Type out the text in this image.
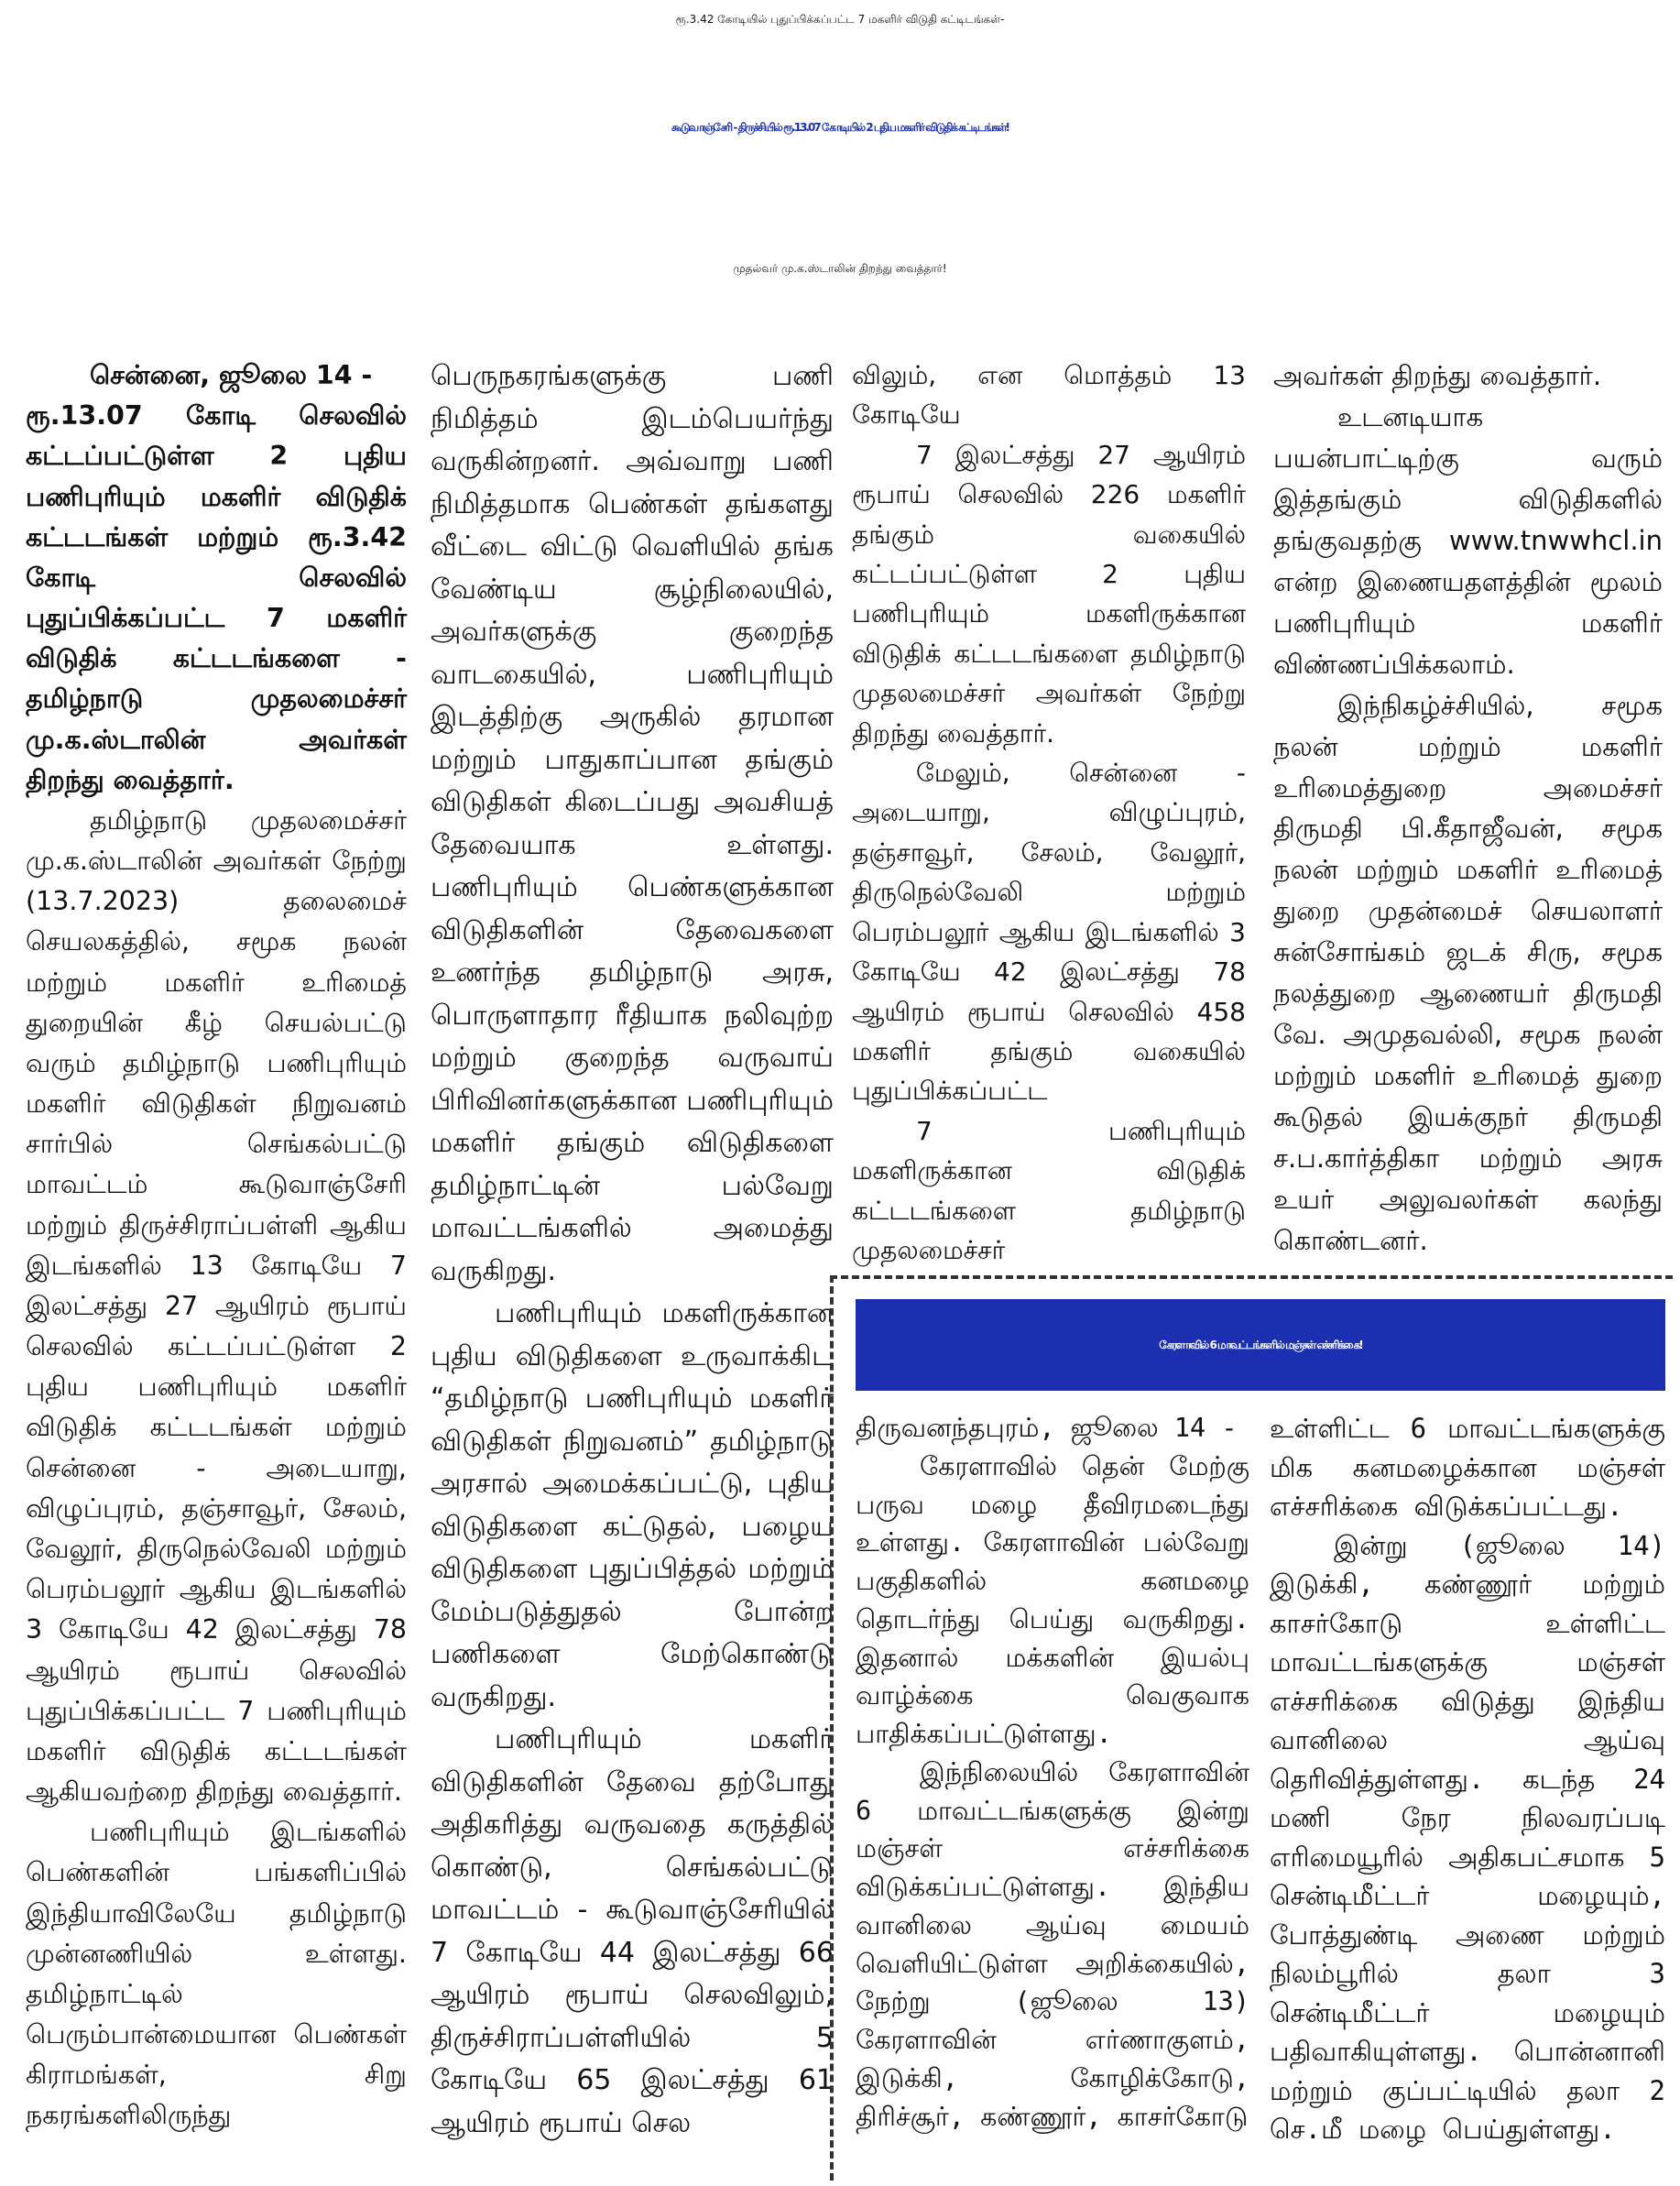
ரூ.3.42 கோடியில் புதுப்பிக்கப்பட்ட 7 மகளிர் விடுதி கட்டிடங்கள்-
கூடுவாஞ்சேரி - திருச்சியில் ரூ.13.07 கோடியில் 2 புதிய மகளிர் விடுதிக் கட்டிடங்கள்!
முதல்வர் மு.க.ஸ்டாலின் திறந்து வைத்தார்!

சென்னை, ஜூலை 14 -
ரூ.13.07 கோடி செலவில் கட்டப்பட்டுள்ள 2 புதிய பணிபுரியும் மகளிர் விடுதிக் கட்டடங்கள் மற்றும் ரூ.3.42 கோடி செலவில் புதுப்பிக்கப்பட்ட 7 மகளிர் விடுதிக் கட்டடங்களை - தமிழ்நாடு முதலமைச்சர் மு.க.ஸ்டாலின் அவர்கள் திறந்து வைத்தார்.

தமிழ்நாடு முதலமைச்சர் மு.க.ஸ்டாலின் அவர்கள் நேற்று (13.7.2023) தலைமைச் செயலகத்தில், சமூக நலன் மற்றும் மகளிர் உரிமைத் துறையின் கீழ் செயல்பட்டு வரும் தமிழ்நாடு பணிபுரியும் மகளிர் விடுதிகள் நிறுவனம் சார்பில் செங்கல்பட்டு மாவட்டம் கூடுவாஞ்சேரி மற்றும் திருச்சிராப்பள்ளி ஆகிய இடங்களில் 13 கோடியே 7 இலட்சத்து 27 ஆயிரம் ரூபாய் செலவில் கட்டப்பட்டுள்ள 2 புதிய பணிபுரியும் மகளிர் விடுதிக் கட்டடங்கள் மற்றும் சென்னை - அடையாறு, விழுப்புரம், தஞ்சாவூர், சேலம், வேலூர், திருநெல்வேலி மற்றும் பெரம்பலூர் ஆகிய இடங்களில் 3 கோடியே 42 இலட்சத்து 78 ஆயிரம் ரூபாய் செலவில் புதுப்பிக்கப்பட்ட 7 பணிபுரியும் மகளிர் விடுதிக் கட்டடங்கள் ஆகியவற்றை திறந்து வைத்தார்.

பணிபுரியும் இடங்களில் பெண்களின் பங்களிப்பில் இந்தியாவிலேயே தமிழ்நாடு முன்னணியில் உள்ளது. தமிழ்நாட்டில் பெரும்பான்மையான பெண்கள் கிராமங்கள், சிறு நகரங்களிலிருந்து

பெருநகரங்களுக்கு பணி நிமித்தம் இடம்பெயர்ந்து வருகின்றனர். அவ்வாறு பணி நிமித்தமாக பெண்கள் தங்களது வீட்டை விட்டு வெளியில் தங்க வேண்டிய சூழ்நிலையில், அவர்களுக்கு குறைந்த வாடகையில், பணிபுரியும் இடத்திற்கு அருகில் தரமான மற்றும் பாதுகாப்பான தங்கும் விடுதிகள் கிடைப்பது அவசியத் தேவையாக உள்ளது. பணிபுரியும் பெண்களுக்கான விடுதிகளின் தேவைகளை உணர்ந்த தமிழ்நாடு அரசு, பொருளாதார ரீதியாக நலிவுற்ற மற்றும் குறைந்த வருவாய் பிரிவினர்களுக்கான பணிபுரியும் மகளிர் தங்கும் விடுதிகளை தமிழ்நாட்டின் பல்வேறு மாவட்டங்களில் அமைத்து வருகிறது.

பணிபுரியும் மகளிருக்கான புதிய விடுதிகளை உருவாக்கிட “தமிழ்நாடு பணிபுரியும் மகளிர் விடுதிகள் நிறுவனம்” தமிழ்நாடு அரசால் அமைக்கப்பட்டு, புதிய விடுதிகளை கட்டுதல், பழைய விடுதிகளை புதுப்பித்தல் மற்றும் மேம்படுத்துதல் போன்ற பணிகளை மேற்கொண்டு வருகிறது.

பணிபுரியும் மகளிர் விடுதிகளின் தேவை தற்போது அதிகரித்து வருவதை கருத்தில் கொண்டு, செங்கல்பட்டு மாவட்டம் - கூடுவாஞ்சேரியில் 7 கோடியே 44 இலட்சத்து 66 ஆயிரம் ரூபாய் செலவிலும், திருச்சிராப்பள்ளியில் 5 கோடியே 65 இலட்சத்து 61 ஆயிரம் ரூபாய் செல

விலும், என மொத்தம் 13 கோடியே

7 இலட்சத்து 27 ஆயிரம் ரூபாய் செலவில் 226 மகளிர் தங்கும் வகையில் கட்டப்பட்டுள்ள 2 புதிய பணிபுரியும் மகளிருக்கான விடுதிக் கட்டடங்களை தமிழ்நாடு முதலமைச்சர் அவர்கள் நேற்று திறந்து வைத்தார்.

மேலும், சென்னை - அடையாறு, விழுப்புரம், தஞ்சாவூர், சேலம், வேலூர், திருநெல்வேலி மற்றும் பெரம்பலூர் ஆகிய இடங்களில் 3 கோடியே 42 இலட்சத்து 78 ஆயிரம் ரூபாய் செலவில் 458 மகளிர் தங்கும் வகையில் புதுப்பிக்கப்பட்ட

7 பணிபுரியும் மகளிருக்கான விடுதிக் கட்டடங்களை தமிழ்நாடு முதலமைச்சர்

அவர்கள் திறந்து வைத்தார்.

உடனடியாக பயன்பாட்டிற்கு வரும் இத்தங்கும் விடுதிகளில் தங்குவதற்கு www.tnwwhcl.in என்ற இணையதளத்தின் மூலம் பணிபுரியும் மகளிர் விண்ணப்பிக்கலாம்.

இந்நிகழ்ச்சியில், சமூக நலன் மற்றும் மகளிர் உரிமைத்துறை அமைச்சர் திருமதி பி.கீதாஜீவன், சமூக நலன் மற்றும் மகளிர் உரிமைத் துறை முதன்மைச் செயலாளர் சுன்சோங்கம் ஜடக் சிரு, சமூக நலத்துறை ஆணையர் திருமதி வே. அமுதவல்லி, சமூக நலன் மற்றும் மகளிர் உரிமைத் துறை கூடுதல் இயக்குநர் திருமதி ச.ப.கார்த்திகா மற்றும் அரசு உயர் அலுவலர்கள் கலந்து கொண்டனர்.

கேரளாவில் 6 மாவட்டங்களில் மஞ்சள் எச்சரிக்கை!

திருவனந்தபுரம், ஜூலை 14 -

கேரளாவில் தென் மேற்கு பருவ மழை தீவிரமடைந்து உள்ளது. கேரளாவின் பல்வேறு பகுதிகளில் கனமழை தொடர்ந்து பெய்து வருகிறது. இதனால் மக்களின் இயல்பு வாழ்க்கை வெகுவாக பாதிக்கப்பட்டுள்ளது.

இந்நிலையில் கேரளாவின் 6 மாவட்டங்களுக்கு இன்று மஞ்சள் எச்சரிக்கை விடுக்கப்பட்டுள்ளது. இந்திய வானிலை ஆய்வு மையம் வெளியிட்டுள்ள அறிக்கையில், நேற்று (ஜூலை 13) கேரளாவின் எர்ணாகுளம், இடுக்கி, கோழிக்கோடு, திரிச்சூர், கண்ணூர், காசர்கோடு

உள்ளிட்ட 6 மாவட்டங்களுக்கு மிக கனமழைக்கான மஞ்சள் எச்சரிக்கை விடுக்கப்பட்டது.

இன்று (ஜூலை 14) இடுக்கி, கண்ணூர் மற்றும் காசர்கோடு உள்ளிட்ட மாவட்டங்களுக்கு மஞ்சள் எச்சரிக்கை விடுத்து இந்திய வானிலை ஆய்வு தெரிவித்துள்ளது. கடந்த 24 மணி நேர நிலவரப்படி எரிமையூரில் அதிகபட்சமாக 5 சென்டிமீட்டர் மழையும், போத்துண்டி அணை மற்றும் நிலம்பூரில் தலா 3 சென்டிமீட்டர் மழையும் பதிவாகியுள்ளது. பொன்னானி மற்றும் குப்பட்டியில் தலா 2 செ.மீ மழை பெய்துள்ளது.
